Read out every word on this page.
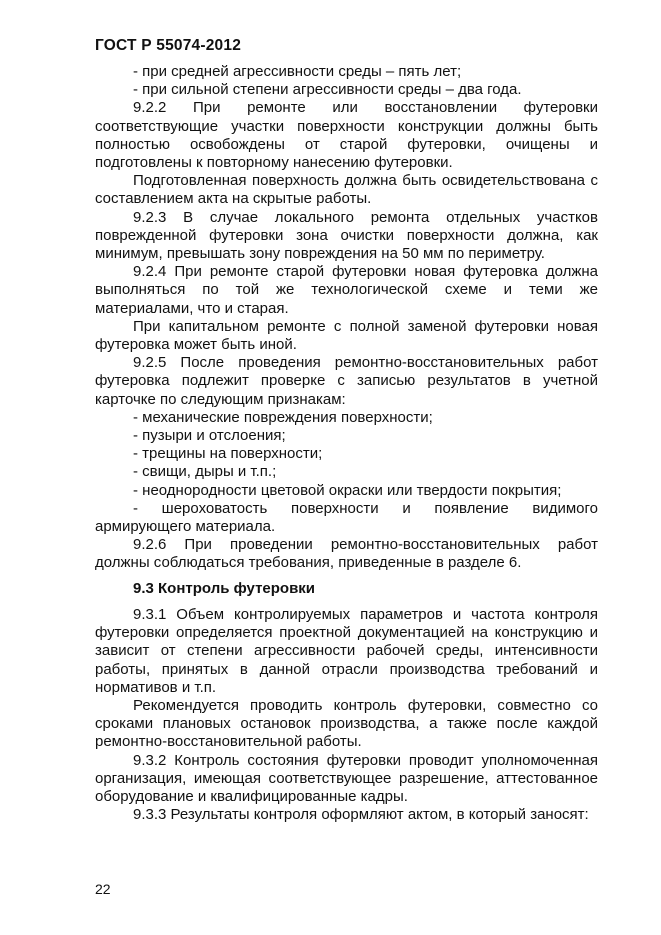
ГОСТ Р 55074-2012

- при средней агрессивности среды – пять лет;

- при сильной степени агрессивности среды – два года.

9.2.2 При ремонте или восстановлении футеровки соответствующие участки поверхности конструкции должны быть полностью освобождены от старой футеровки, очищены и подготовлены к повторному нанесению футеровки.

Подготовленная поверхность должна быть освидетельствована с составлением акта на скрытые работы.

9.2.3 В случае локального ремонта отдельных участков поврежденной футеровки зона очистки поверхности должна, как минимум, превышать зону повреждения на 50 мм по периметру.

9.2.4 При ремонте старой футеровки новая футеровка должна выполняться по той же технологической схеме и теми же материалами, что и старая.

При капитальном ремонте с полной заменой футеровки новая футеровка может быть иной.

9.2.5 После проведения ремонтно-восстановительных работ футеровка подлежит проверке с записью результатов в учетной карточке по следующим признакам:

- механические повреждения поверхности;

- пузыри и отслоения;

- трещины на поверхности;

- свищи, дыры и т.п.;

- неоднородности цветовой окраски или твердости покрытия;

- шероховатость поверхности и появление видимого армирующего материала.

9.2.6 При проведении ремонтно-восстановительных работ должны соблюдаться требования, приведенные в разделе 6.

9.3 Контроль футеровки

9.3.1 Объем контролируемых параметров и частота контроля футеровки определяется проектной документацией на конструкцию и зависит от степени агрессивности рабочей среды, интенсивности работы, принятых в данной отрасли производства требований и нормативов и т.п.

Рекомендуется проводить контроль футеровки, совместно со сроками плановых остановок производства, а также после каждой ремонтно-восстановительной работы.

9.3.2 Контроль состояния футеровки проводит уполномоченная организация, имеющая соответствующее разрешение, аттестованное оборудование и квалифицированные кадры.

9.3.3 Результаты контроля оформляют актом, в который заносят:

22
